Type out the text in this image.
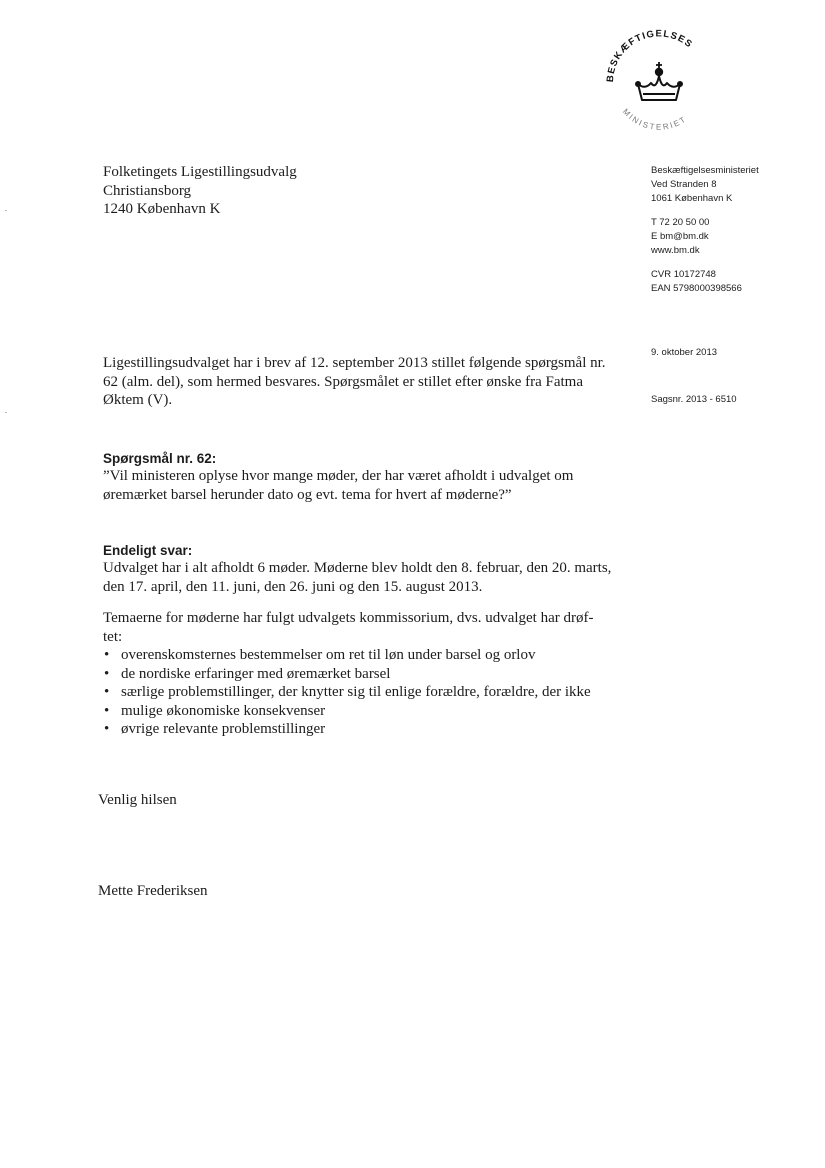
BESKÆFTIGELSES
MINISTERIET
Folketingets Ligestillingsudvalg
Christiansborg
1240 København K
Beskæftigelsesministeriet
Ved Stranden 8
1061 København K
T 72 20 50 00
E bm@bm.dk
www.bm.dk
CVR 10172748
EAN 5798000398566
9. oktober 2013
Sagsnr. 2013 - 6510
Ligestillingsudvalget har i brev af 12. september 2013 stillet følgende spørgsmål nr. 62 (alm. del), som hermed besvares. Spørgsmålet er stillet efter ønske fra Fatma Øktem (V).
Spørgsmål nr. 62:
”Vil ministeren oplyse hvor mange møder, der har været afholdt i udvalget om øremærket barsel herunder dato og evt. tema for hvert af møderne?”
Endeligt svar:
Udvalget har i alt afholdt 6 møder. Møderne blev holdt den 8. februar, den 20. marts, den 17. april, den 11. juni, den 26. juni og den 15. august 2013.
Temaerne for møderne har fulgt udvalgets kommissorium, dvs. udvalget har drøf-tet:
• overenskomsternes bestemmelser om ret til løn under barsel og orlov
• de nordiske erfaringer med øremærket barsel
• særlige problemstillinger, der knytter sig til enlige forældre, forældre, der ikke
• mulige økonomiske konsekvenser
• øvrige relevante problemstillinger
Venlig hilsen
Mette Frederiksen
